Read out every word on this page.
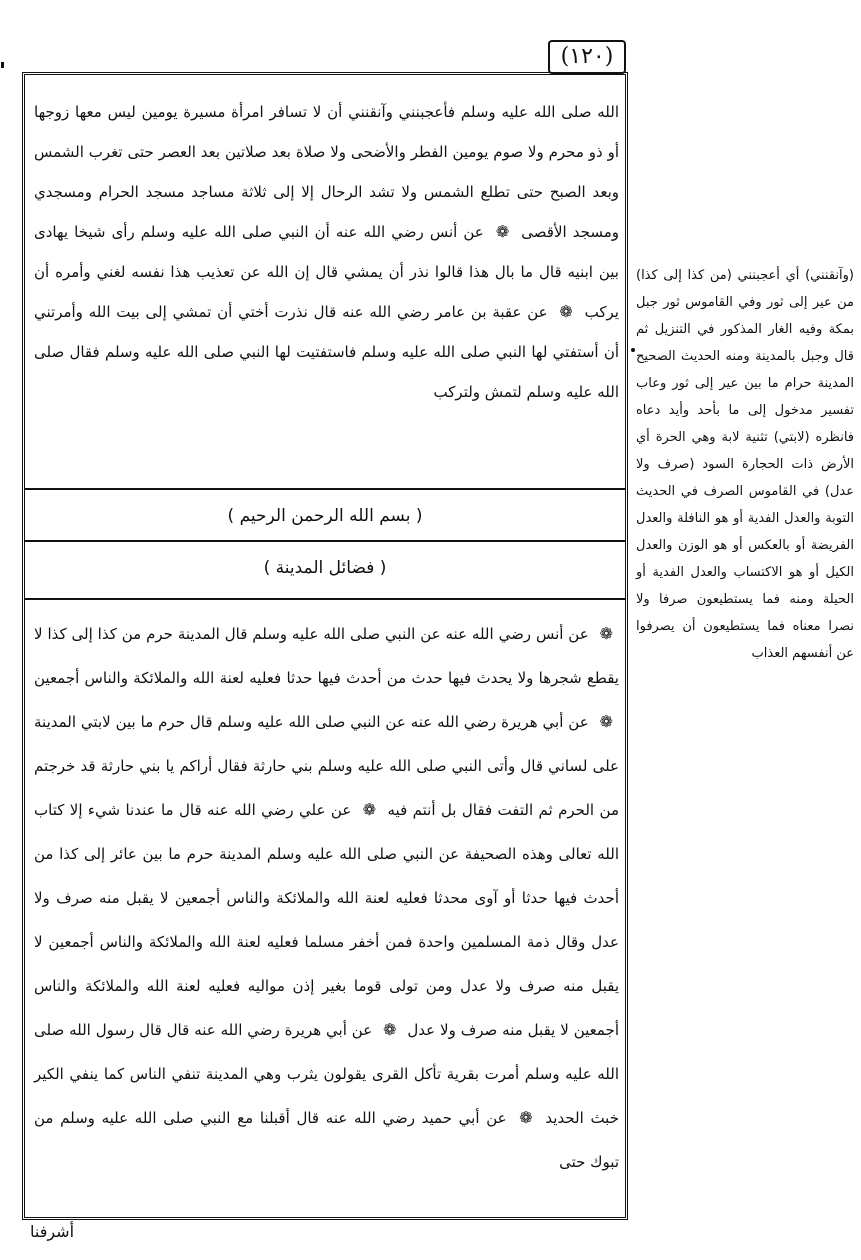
(١٢٠)

الله صلى الله عليه وسلم فأعجبنني وآنقنني أن لا تسافر امرأة مسيرة يومين ليس معها زوجها أو ذو محرم ولا صوم يومين الفطر والأضحى ولا صلاة بعد صلاتين بعد العصر حتى تغرب الشمس وبعد الصبح حتى تطلع الشمس ولا تشد الرحال إلا إلى ثلاثة مساجد مسجد الحرام ومسجدي ومسجد الأقصى ❁ عن أنس رضي الله عنه أن النبي صلى الله عليه وسلم رأى شيخا يهادى بين ابنيه قال ما بال هذا قالوا نذر أن يمشي قال إن الله عن تعذيب هذا نفسه لغني وأمره أن يركب ❁ عن عقبة بن عامر رضي الله عنه قال نذرت أختي أن تمشي إلى بيت الله وأمرتني أن أستفتي لها النبي صلى الله عليه وسلم فاستفتيت لها النبي صلى الله عليه وسلم فقال صلى الله عليه وسلم لتمش ولتركب

( بسم الله الرحمن الرحيم )
( فضائل المدينة )

❁ عن أنس رضي الله عنه عن النبي صلى الله عليه وسلم قال المدينة حرم من كذا إلى كذا لا يقطع شجرها ولا يحدث فيها حدث من أحدث فيها حدثا فعليه لعنة الله والملائكة والناس أجمعين ❁ عن أبي هريرة رضي الله عنه عن النبي صلى الله عليه وسلم قال حرم ما بين لابتي المدينة على لساني قال وأتى النبي صلى الله عليه وسلم بني حارثة فقال أراكم يا بني حارثة قد خرجتم من الحرم ثم التفت فقال بل أنتم فيه ❁ عن علي رضي الله عنه قال ما عندنا شيء إلا كتاب الله تعالى وهذه الصحيفة عن النبي صلى الله عليه وسلم المدينة حرم ما بين عائر إلى كذا من أحدث فيها حدثا أو آوى محدثا فعليه لعنة الله والملائكة والناس أجمعين لا يقبل منه صرف ولا عدل وقال ذمة المسلمين واحدة فمن أخفر مسلما فعليه لعنة الله والملائكة والناس أجمعين لا يقبل منه صرف ولا عدل ومن تولى قوما بغير إذن مواليه فعليه لعنة الله والملائكة والناس أجمعين لا يقبل منه صرف ولا عدل ❁ عن أبي هريرة رضي الله عنه قال قال رسول الله صلى الله عليه وسلم أمرت بقرية تأكل القرى يقولون يثرب وهي المدينة تنفي الناس كما ينفي الكير خبث الحديد ❁ عن أبي حميد رضي الله عنه قال أقبلنا مع النبي صلى الله عليه وسلم من تبوك حتى

(وآنقنني) أي أعجبنني (من كذا إلى كذا) من عير إلى ثور وفي القاموس ثور جبل بمكة وفيه الغار المذكور في التنزيل ثم قال وجبل بالمدينة ومنه الحديث الصحيح المدينة حرام ما بين عير إلى ثور وعاب تفسير مدخول إلى ما بأحد وأيد دعاه فانظره (لابتي) تثنية لابة وهي الحرة أي الأرض ذات الحجارة السود (صرف ولا عدل) في القاموس الصرف في الحديث التوبة والعدل الفدية أو هو النافلة والعدل الفريضة أو بالعكس أو هو الوزن والعدل الكيل أو هو الاكتساب والعدل الفدية أو الحيلة ومنه فما يستطيعون صرفا ولا نصرا معناه فما يستطيعون أن يصرفوا عن أنفسهم العذاب
أشرفنا
